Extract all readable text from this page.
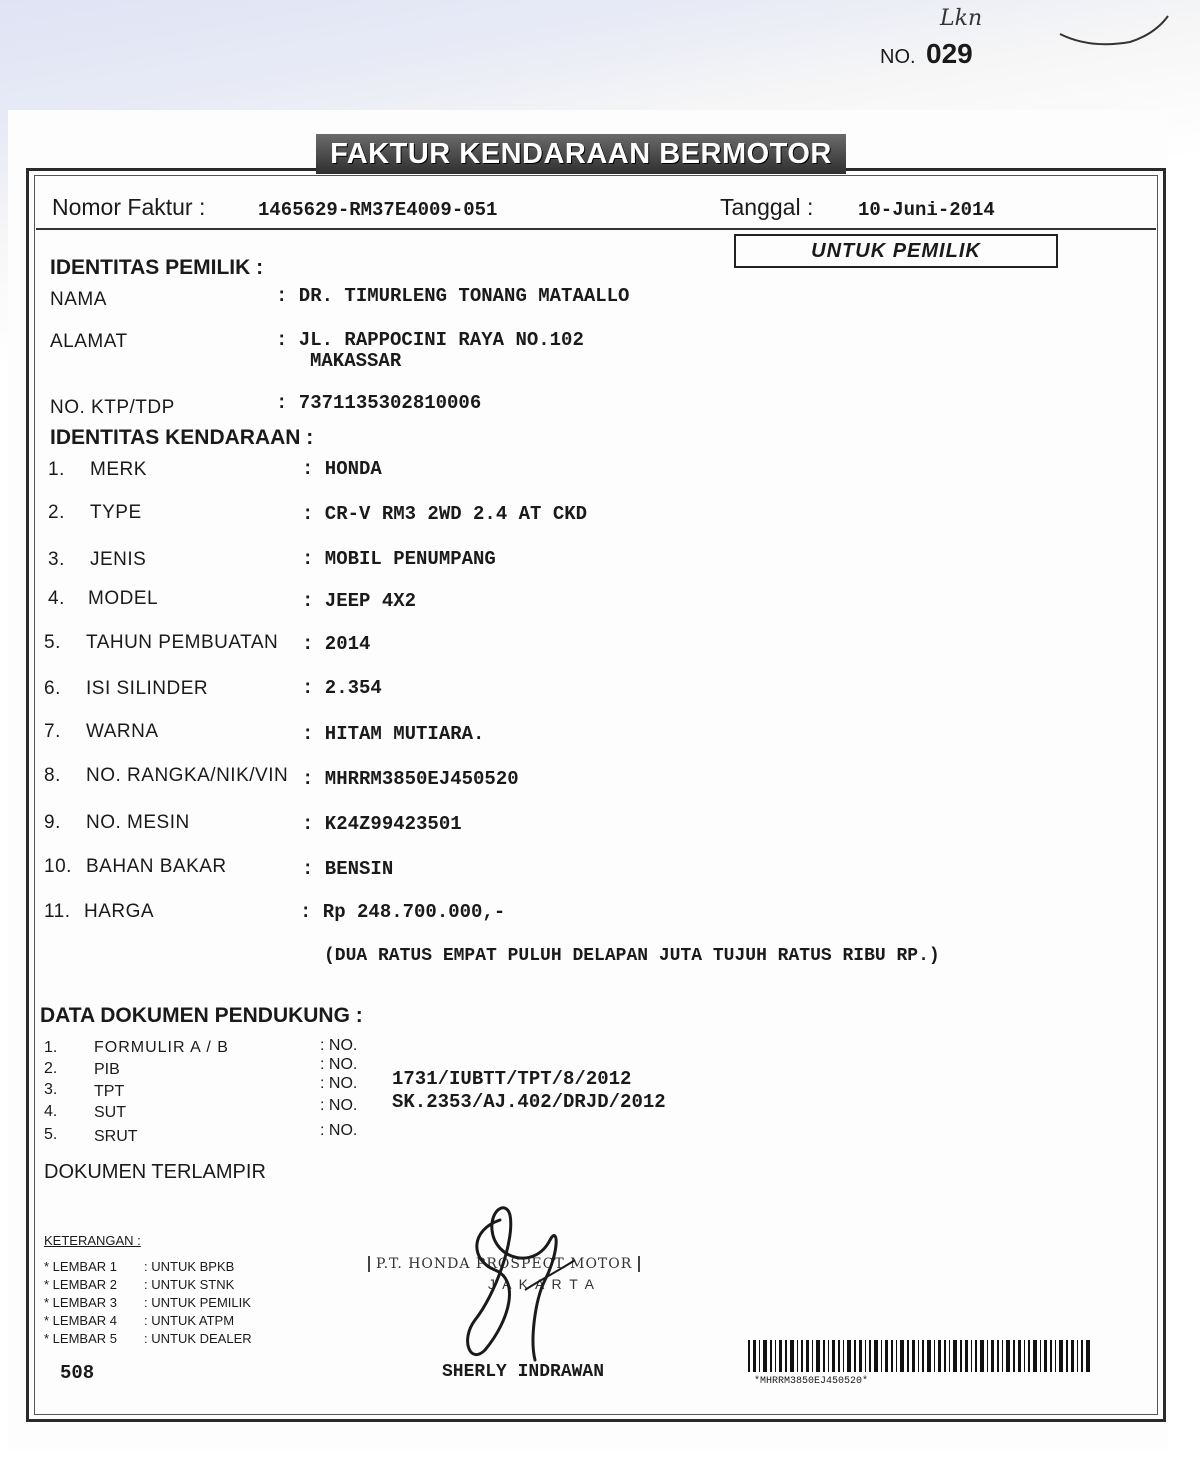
Lkn
NO. 029
FAKTUR KENDARAAN BERMOTOR
Nomor Faktur :	1465629-RM37E4009-051	Tanggal : 10-Juni-2014
UNTUK PEMILIK
IDENTITAS PEMILIK :
NAMA	: DR. TIMURLENG TONANG MATAALLO
ALAMAT	: JL. RAPPOCINI RAYA NO.102
MAKASSAR
NO. KTP/TDP	: 7371135302810006
IDENTITAS KENDARAAN :
1. MERK	: HONDA
2. TYPE	: CR-V RM3 2WD 2.4 AT CKD
3. JENIS	: MOBIL PENUMPANG
4. MODEL	: JEEP 4X2
5. TAHUN PEMBUATAN : 2014
6. ISI SILINDER	: 2.354
7. WARNA	: HITAM MUTIARA.
8. NO. RANGKA/NIK/VIN : MHRRM3850EJ450520
9. NO. MESIN	: K24Z99423501
10. BAHAN BAKAR	: BENSIN
11. HARGA	: Rp 248.700.000,-
(DUA RATUS EMPAT PULUH DELAPAN JUTA TUJUH RATUS RIBU RP.)
DATA DOKUMEN PENDUKUNG :
1. FORMULIR A / B	: NO.
2. PIB	: NO.
3. TPT	: NO. 1731/IUBTT/TPT/8/2012
4. SUT	: NO. SK.2353/AJ.402/DRJD/2012
5. SRUT	: NO.
DOKUMEN TERLAMPIR
KETERANGAN :
* LEMBAR 1 : UNTUK BPKB
* LEMBAR 2 : UNTUK STNK
* LEMBAR 3 : UNTUK PEMILIK
* LEMBAR 4 : UNTUK ATPM
* LEMBAR 5 : UNTUK DEALER
508
P.T. HONDA PROSPECT MOTOR
J A K A R T A
SHERLY INDRAWAN	*MHRRM3850EJ450520*
